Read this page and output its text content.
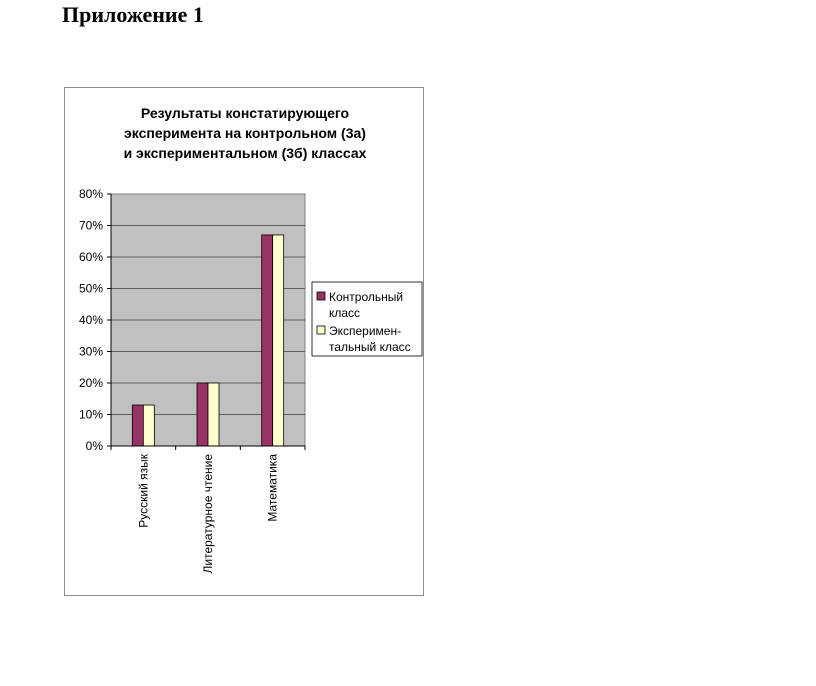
Приложение 1
Результаты констатирующего
эксперимента на контрольном (3а)
и экспериментальном (3б) классах
0%
10%
20%
30%
40%
50%
60%
70%
80%
Русский язык	Литературное чтение	Математика
Контрольный класс
Эксперимен-тальный класс
